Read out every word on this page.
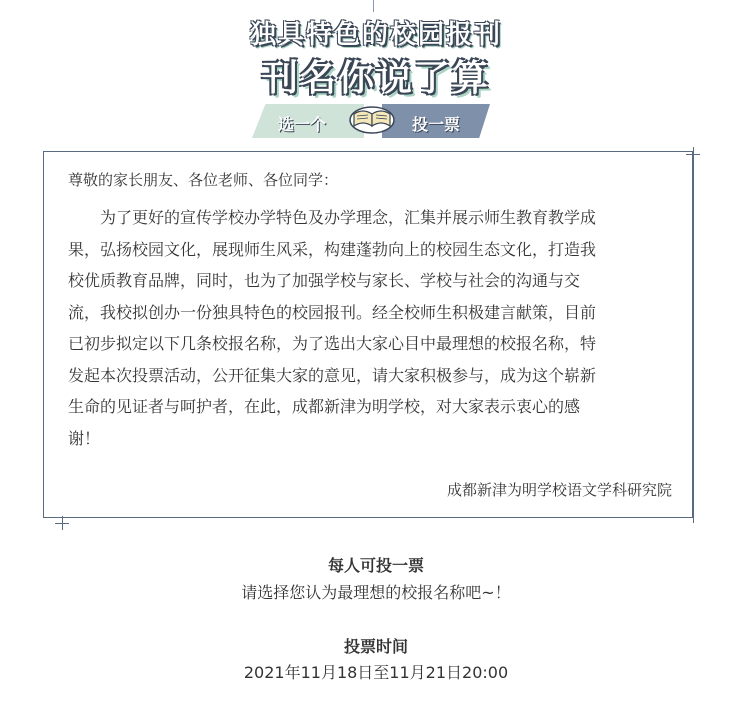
独具特色的校园报刊
刊名你说了算
选一个	投一票
尊敬的家长朋友、各位老师、各位同学：
　　为了更好的宣传学校办学特色及办学理念，汇集并展示师生教育教学成
果，弘扬校园文化，展现师生风采，构建蓬勃向上的校园生态文化，打造我
校优质教育品牌，同时，也为了加强学校与家长、学校与社会的沟通与交
流，我校拟创办一份独具特色的校园报刊。经全校师生积极建言献策，目前
已初步拟定以下几条校报名称，为了选出大家心目中最理想的校报名称，特
发起本次投票活动，公开征集大家的意见，请大家积极参与，成为这个崭新
生命的见证者与呵护者，在此，成都新津为明学校，对大家表示衷心的感
谢！
成都新津为明学校语文学科研究院
每人可投一票
请选择您认为最理想的校报名称吧~！
投票时间
2021年11月18日至11月21日20:00
